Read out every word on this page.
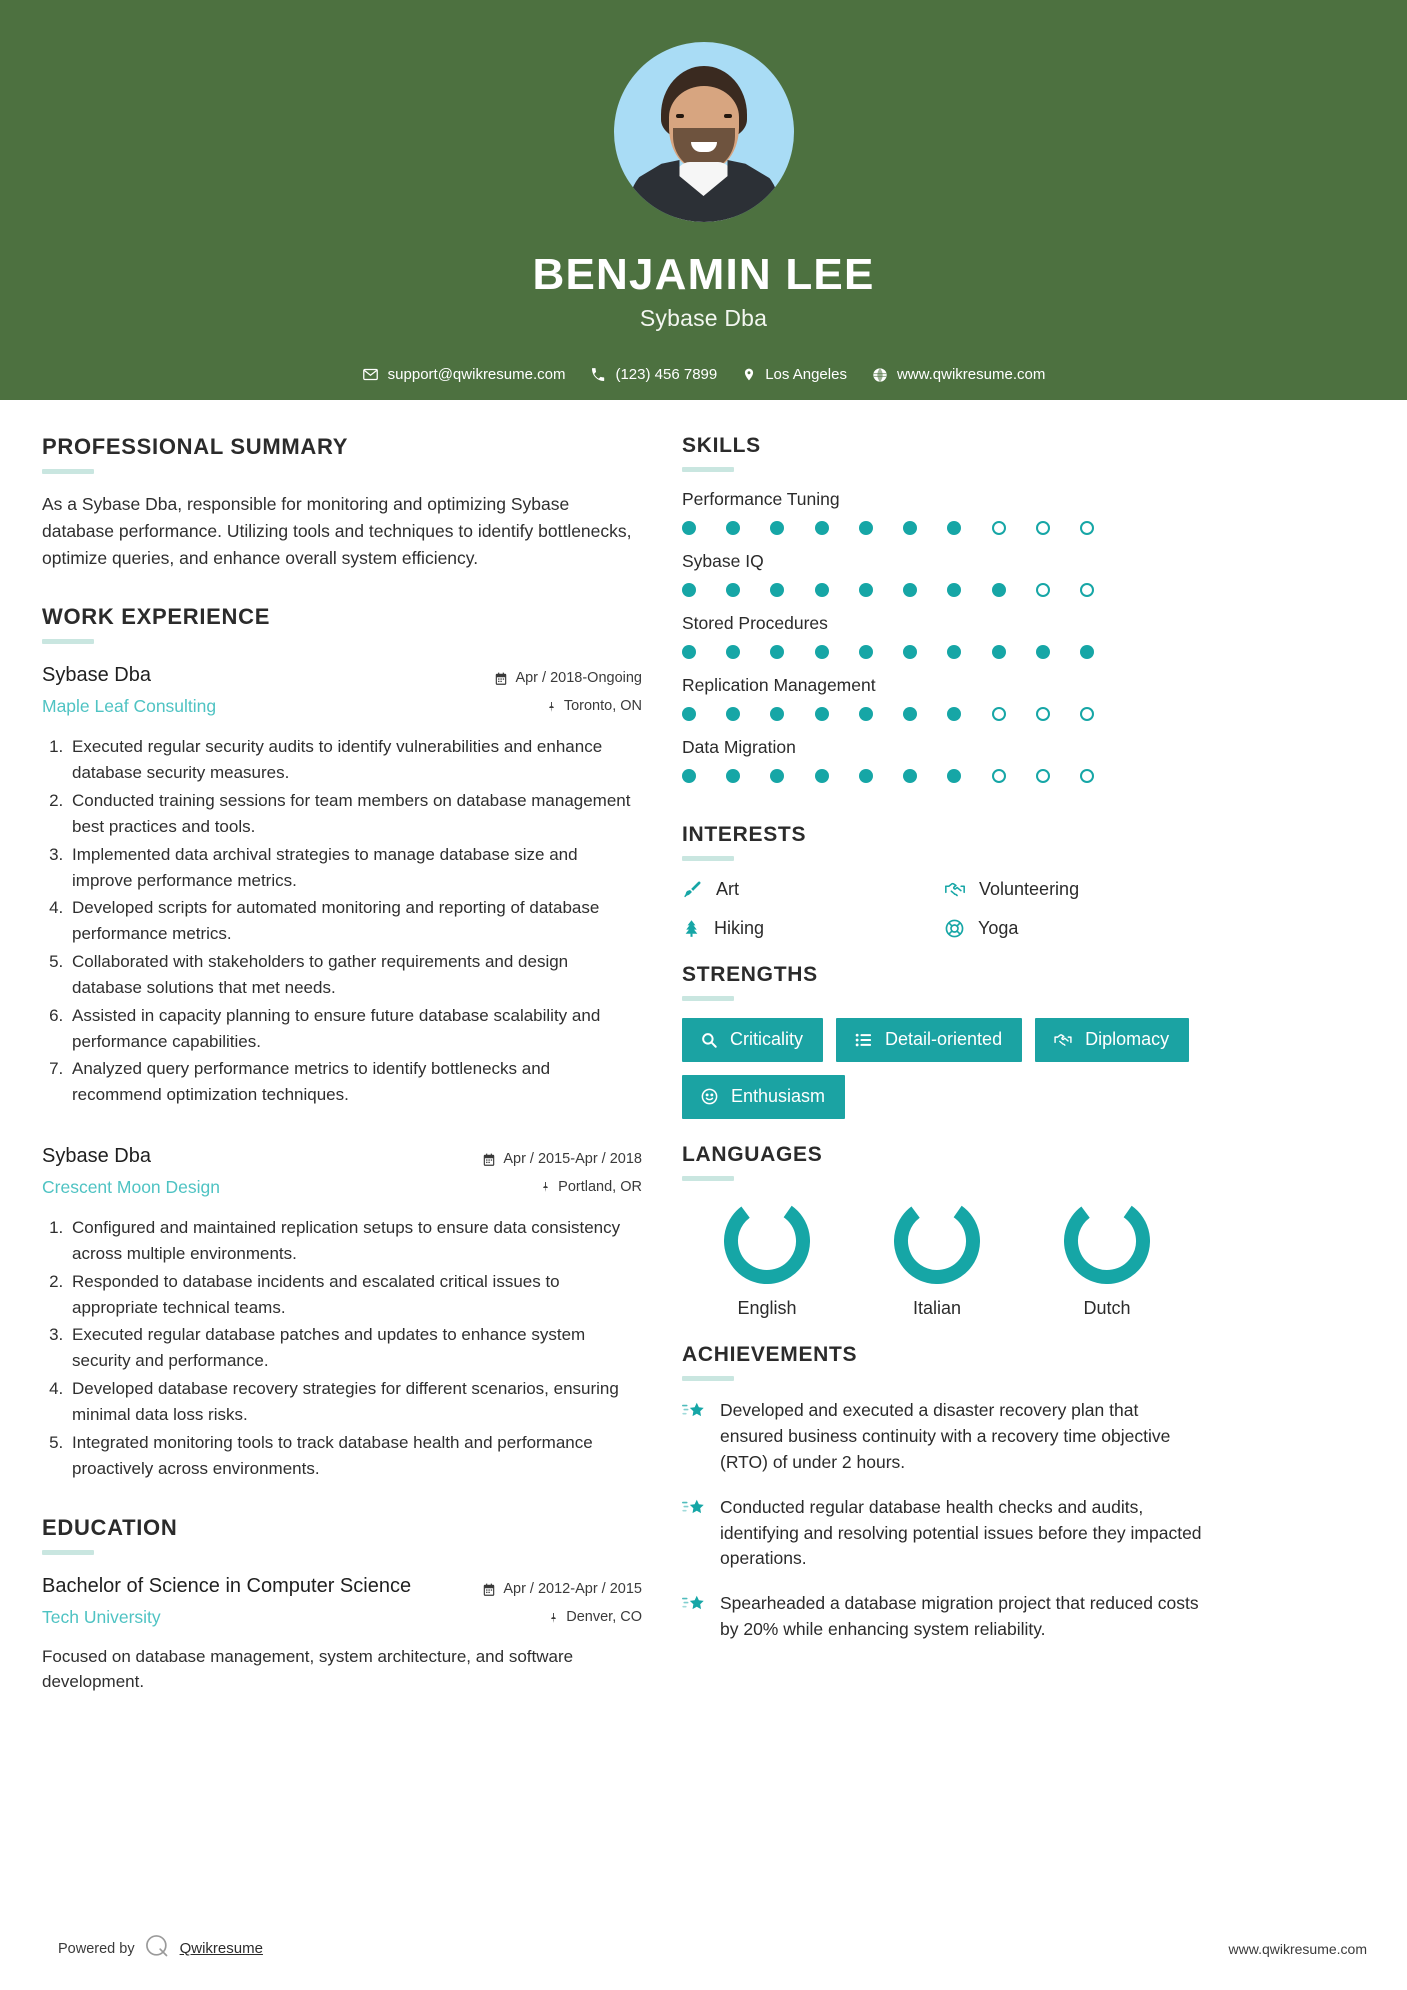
BENJAMIN LEE
Sybase Dba
support@qwikresume.com	(123) 456 7899	Los Angeles	www.qwikresume.com
PROFESSIONAL SUMMARY
As a Sybase Dba, responsible for monitoring and optimizing Sybase database performance. Utilizing tools and techniques to identify bottlenecks, optimize queries, and enhance overall system efficiency.
WORK EXPERIENCE
Sybase Dba
Maple Leaf Consulting
Apr / 2018-Ongoing
Toronto, ON
1. Executed regular security audits to identify vulnerabilities and enhance database security measures.
2. Conducted training sessions for team members on database management best practices and tools.
3. Implemented data archival strategies to manage database size and improve performance metrics.
4. Developed scripts for automated monitoring and reporting of database performance metrics.
5. Collaborated with stakeholders to gather requirements and design database solutions that met needs.
6. Assisted in capacity planning to ensure future database scalability and performance capabilities.
7. Analyzed query performance metrics to identify bottlenecks and recommend optimization techniques.
Sybase Dba
Crescent Moon Design
Apr / 2015-Apr / 2018
Portland, OR
1. Configured and maintained replication setups to ensure data consistency across multiple environments.
2. Responded to database incidents and escalated critical issues to appropriate technical teams.
3. Executed regular database patches and updates to enhance system security and performance.
4. Developed database recovery strategies for different scenarios, ensuring minimal data loss risks.
5. Integrated monitoring tools to track database health and performance proactively across environments.
EDUCATION
Bachelor of Science in Computer Science
Tech University
Apr / 2012-Apr / 2015
Denver, CO
Focused on database management, system architecture, and software development.
SKILLS
Performance Tuning
Sybase IQ
Stored Procedures
Replication Management
Data Migration
INTERESTS
Art	Volunteering
Hiking	Yoga
STRENGTHS
Criticality	Detail-oriented	Diplomacy
Enthusiasm
LANGUAGES
English	Italian	Dutch
ACHIEVEMENTS
Developed and executed a disaster recovery plan that ensured business continuity with a recovery time objective (RTO) of under 2 hours.
Conducted regular database health checks and audits, identifying and resolving potential issues before they impacted operations.
Spearheaded a database migration project that reduced costs by 20% while enhancing system reliability.
Powered by	Qwikresume	www.qwikresume.com
